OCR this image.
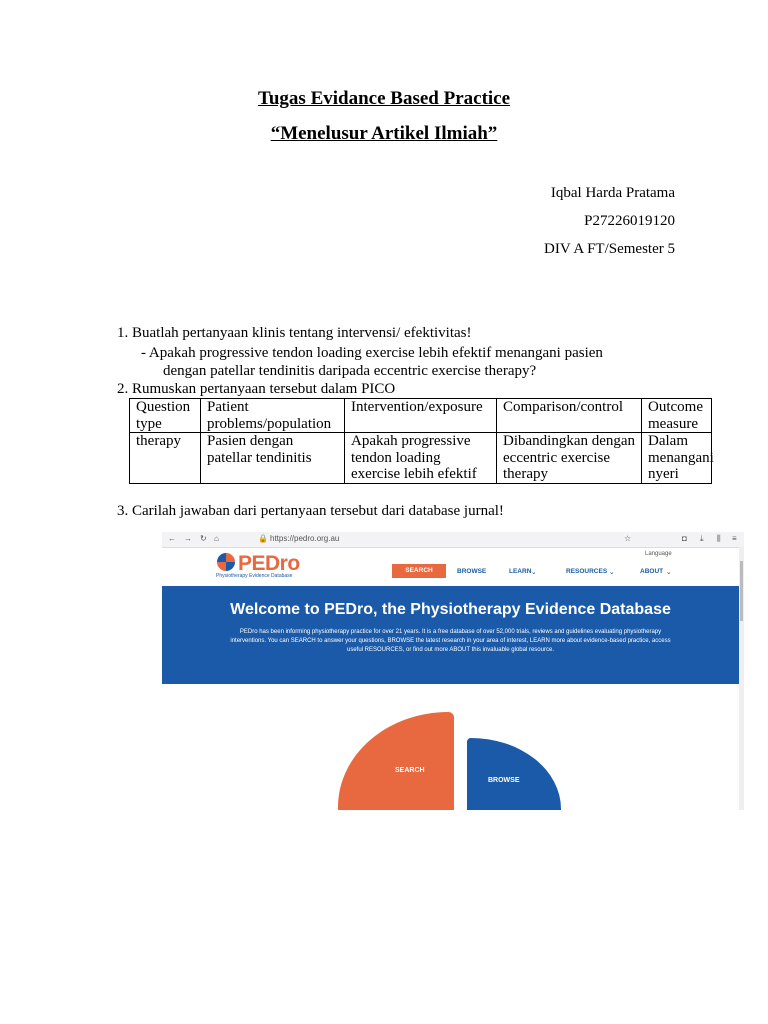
Tugas Evidance Based Practice
“Menelusur Artikel Ilmiah”
Iqbal Harda Pratama
P27226019120
DIV A FT/Semester 5
1. Buatlah pertanyaan klinis tentang intervensi/ efektivitas!
- Apakah progressive tendon loading exercise lebih efektif menangani pasien
dengan patellar tendinitis daripada eccentric exercise therapy?
2. Rumuskan pertanyaan tersebut dalam PICO
Question type	Patient problems/population	Intervention/exposure	Comparison/control	Outcome measure
therapy	Pasien dengan patellar tendinitis	Apakah progressive tendon loading exercise lebih efektif	Dibandingkan dengan eccentric exercise therapy	Dalam menangani nyeri
3. Carilah jawaban dari pertanyaan tersebut dari database jurnal!
← → ↻ ⌂	🔒 https://pedro.org.au	☆	◘ ⤓ ⫼ ≡
PEDro
Physiotherapy Evidence Database
Language
SEARCH	BROWSE	LEARN ⌄	RESOURCES ⌄	ABOUT ⌄
Welcome to PEDro, the Physiotherapy Evidence Database
PEDro has been informing physiotherapy practice for over 21 years. It is a free database of over 52,000 trials, reviews and guidelines evaluating physiotherapy interventions. You can SEARCH to answer your questions, BROWSE the latest research in your area of interest, LEARN more about evidence-based practice, access useful RESOURCES, or find out more ABOUT this invaluable global resource.
SEARCH
BROWSE
